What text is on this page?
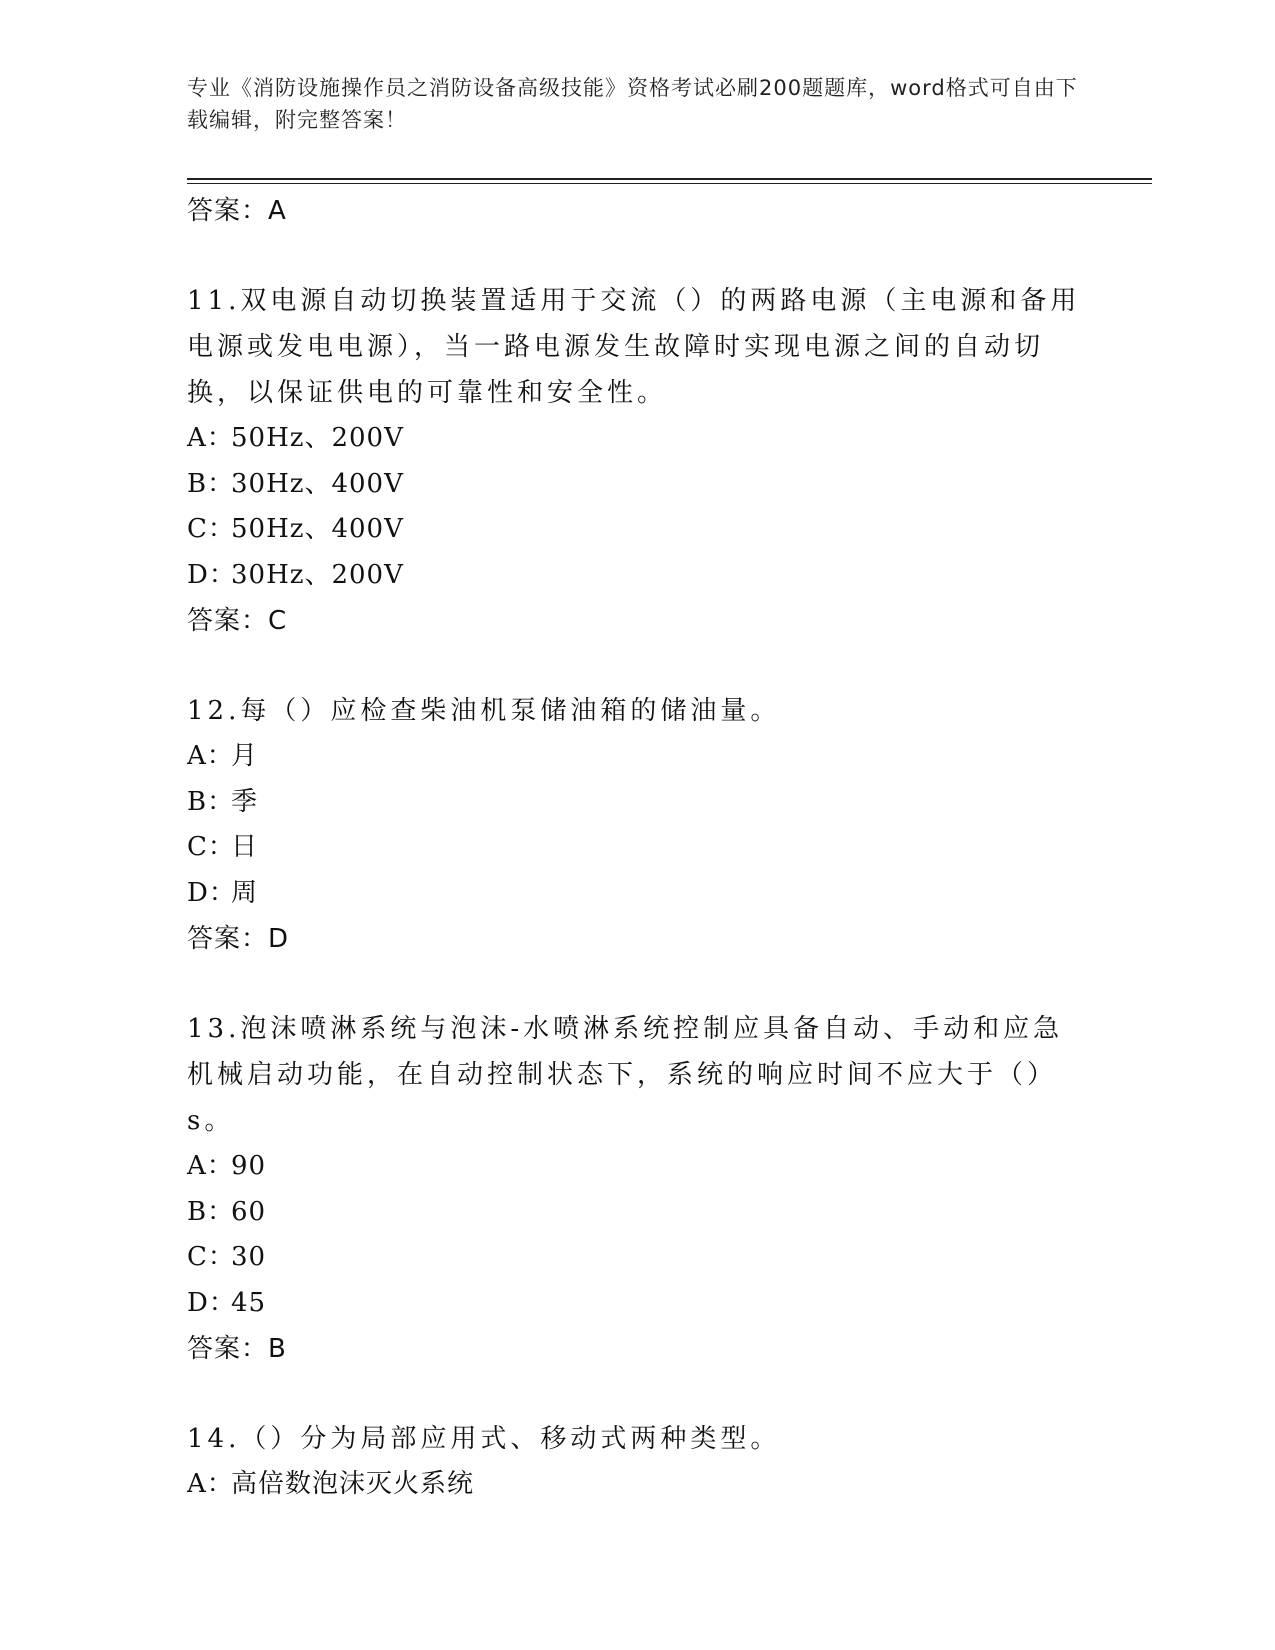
专业《消防设施操作员之消防设备高级技能》资格考试必刷200题题库，word格式可自由下载编辑，附完整答案！
答案：A
11.双电源自动切换装置适用于交流（）的两路电源（主电源和备用电源或发电电源），当一路电源发生故障时实现电源之间的自动切换，以保证供电的可靠性和安全性。
A：50Hz、200V
B：30Hz、400V
C：50Hz、400V
D：30Hz、200V
答案：C
12.每（）应检查柴油机泵储油箱的储油量。
A：月
B：季
C：日
D：周
答案：D
13.泡沫喷淋系统与泡沫-水喷淋系统控制应具备自动、手动和应急机械启动功能，在自动控制状态下，系统的响应时间不应大于（）s。
A：90
B：60
C：30
D：45
答案：B
14.（）分为局部应用式、移动式两种类型。
A：高倍数泡沫灭火系统
